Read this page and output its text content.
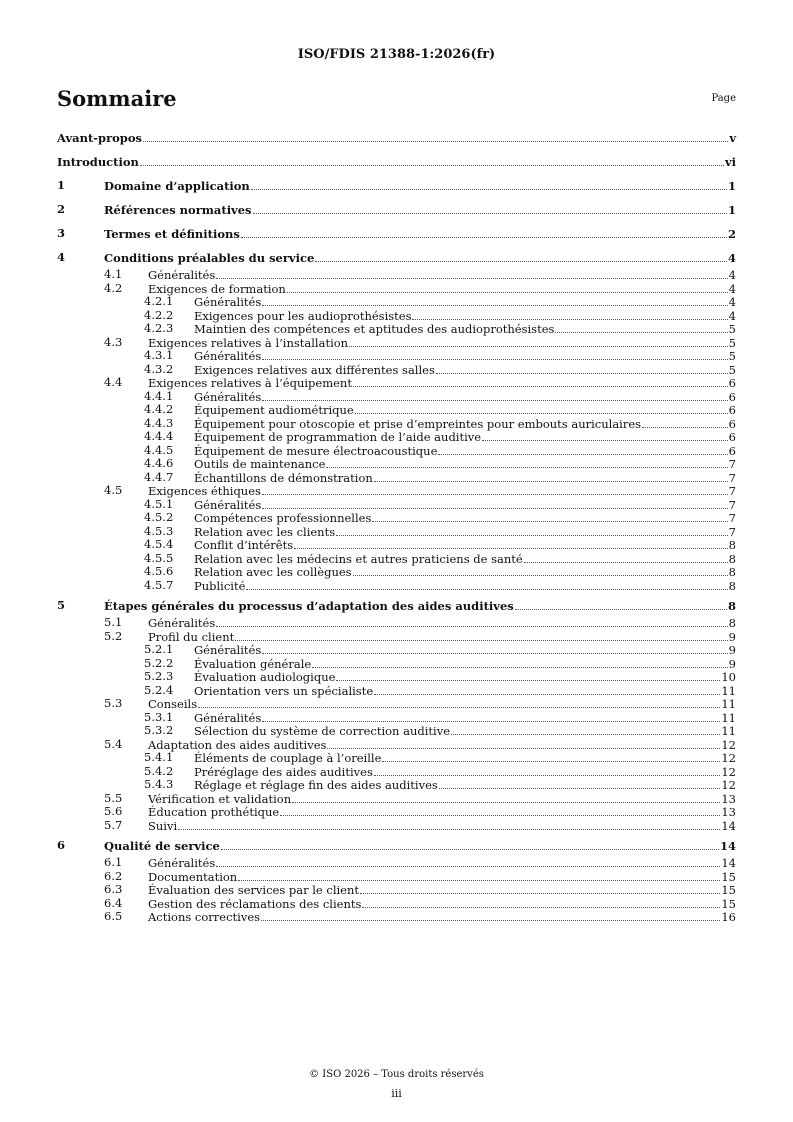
ISO/FDIS 21388-1:2026(fr)
Sommaire	Page
Avant-propos	v
Introduction	vi
1	Domaine d’application	1
2	Références normatives	1
3	Termes et définitions	2
4	Conditions préalables du service	4
4.1 Généralités	4
4.2 Exigences de formation	4
4.2.1 Généralités	4
4.2.2 Exigences pour les audioprothésistes	4
4.2.3 Maintien des compétences et aptitudes des audioprothésistes	5
4.3 Exigences relatives à l’installation	5
4.3.1 Généralités	5
4.3.2 Exigences relatives aux différentes salles	5
4.4 Exigences relatives à l’équipement	6
4.4.1 Généralités	6
4.4.2 Équipement audiométrique	6
4.4.3 Équipement pour otoscopie et prise d’empreintes pour embouts auriculaires	6
4.4.4 Équipement de programmation de l’aide auditive	6
4.4.5 Équipement de mesure électroacoustique	6
4.4.6 Outils de maintenance	7
4.4.7 Échantillons de démonstration	7
4.5 Exigences éthiques	7
4.5.1 Généralités	7
4.5.2 Compétences professionnelles	7
4.5.3 Relation avec les clients	7
4.5.4 Conflit d’intérêts	8
4.5.5 Relation avec les médecins et autres praticiens de santé	8
4.5.6 Relation avec les collègues	8
4.5.7 Publicité	8
5	Étapes générales du processus d’adaptation des aides auditives	8
5.1 Généralités	8
5.2 Profil du client	9
5.2.1 Généralités	9
5.2.2 Évaluation générale	9
5.2.3 Évaluation audiologique	10
5.2.4 Orientation vers un spécialiste	11
5.3 Conseils	11
5.3.1 Généralités	11
5.3.2 Sélection du système de correction auditive	11
5.4 Adaptation des aides auditives	12
5.4.1 Éléments de couplage à l’oreille	12
5.4.2 Préréglage des aides auditives	12
5.4.3 Réglage et réglage fin des aides auditives	12
5.5 Vérification et validation	13
5.6 Éducation prothétique	13
5.7 Suivi	14
6	Qualité de service	14
6.1 Généralités	14
6.2 Documentation	15
6.3 Évaluation des services par le client	15
6.4 Gestion des réclamations des clients	15
6.5 Actions correctives	16
© ISO 2026 – Tous droits réservés
iii
